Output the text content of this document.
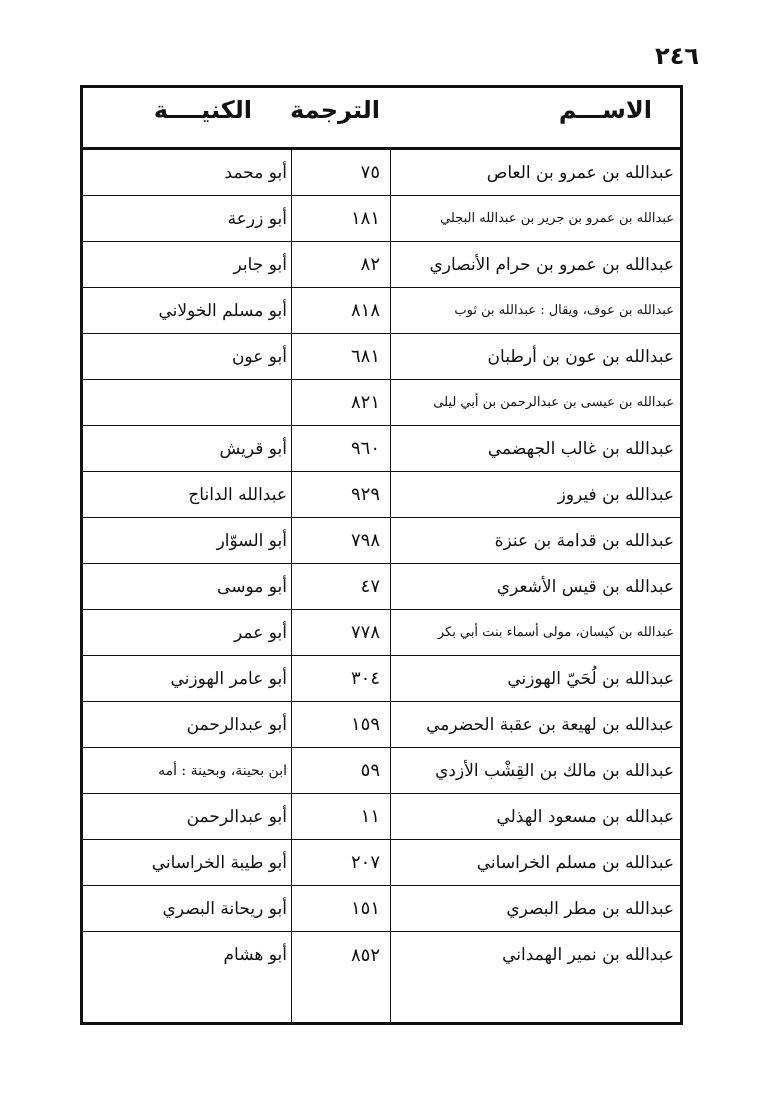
٢٤٦
الاســـم
الترجمة
الكنيــــة
عبدالله بن عمرو بن العاص
٧٥
أبو محمد
عبدالله بن عمرو بن جرير بن عبدالله البجلي
١٨١
أبو زرعة
عبدالله بن عمرو بن حرام الأنصاري
٨٢
أبو جابر
عبدالله بن عوف، ويقال : عبدالله بن ثوب
٨١٨
أبو مسلم الخولاني
عبدالله بن عون بن أرطبان
٦٨١
أبو عون
عبدالله بن عيسى بن عبدالرحمن بن أبي ليلى
٨٢١
عبدالله بن غالب الجهضمي
٩٦٠
أبو قريش
عبدالله بن فيروز
٩٢٩
عبدالله الداناج
عبدالله بن قدامة بن عنزة
٧٩٨
أبو السوّار
عبدالله بن قيس الأشعري
٤٧
أبو موسى
عبدالله بن كيسان، مولى أسماء بنت أبي بكر
٧٧٨
أبو عمر
عبدالله بن لُحَيّ الهوزني
٣٠٤
أبو عامر الهوزني
عبدالله بن لهيعة بن عقبة الحضرمي
١٥٩
أبو عبدالرحمن
عبدالله بن مالك بن القِشْب الأزدي
٥٩
ابن بحينة، وبحينة : أمه
عبدالله بن مسعود الهذلي
١١
أبو عبدالرحمن
عبدالله بن مسلم الخراساني
٢٠٧
أبو طيبة الخراساني
عبدالله بن مطر البصري
١٥١
أبو ريحانة البصري
عبدالله بن نمير الهمداني
٨٥٢
أبو هشام
